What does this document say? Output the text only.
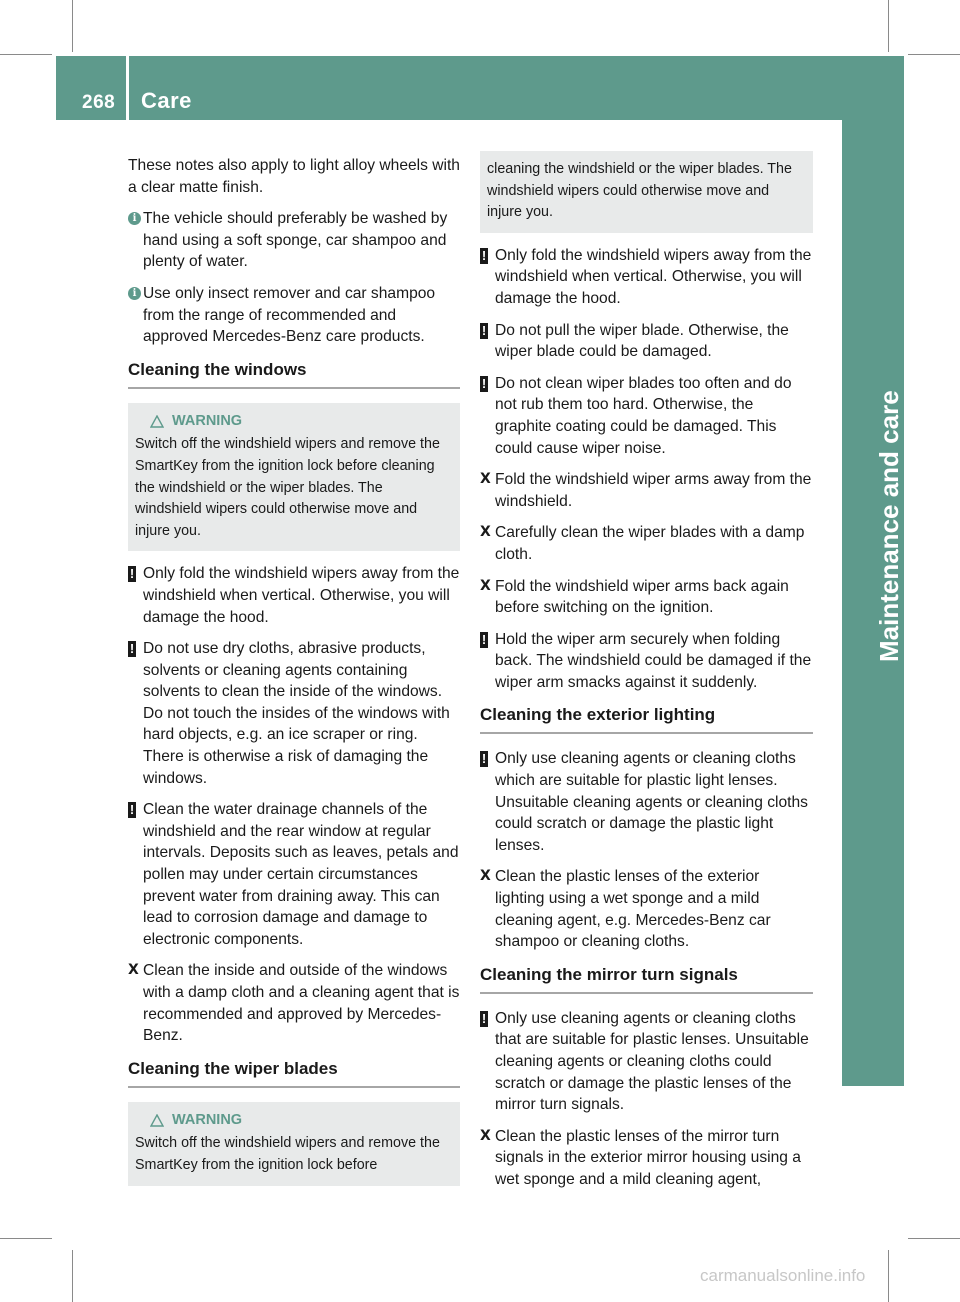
268 Care
Maintenance and care

These notes also apply to light alloy wheels with a clear matte finish.

i The vehicle should preferably be washed by hand using a soft sponge, car shampoo and plenty of water.
i Use only insect remover and car shampoo from the range of recommended and approved Mercedes-Benz care products.
Cleaning the windows
WARNING
Switch off the windshield wipers and remove the SmartKey from the ignition lock before cleaning the windshield or the wiper blades. The windshield wipers could otherwise move and injure you.
! Only fold the windshield wipers away from the windshield when vertical. Otherwise, you will damage the hood.
! Do not use dry cloths, abrasive products, solvents or cleaning agents containing solvents to clean the inside of the windows. Do not touch the insides of the windows with hard objects, e.g. an ice scraper or ring. There is otherwise a risk of damaging the windows.
! Clean the water drainage channels of the windshield and the rear window at regular intervals. Deposits such as leaves, petals and pollen may under certain circumstances prevent water from draining away. This can lead to corrosion damage and damage to electronic components.
X Clean the inside and outside of the windows with a damp cloth and a cleaning agent that is recommended and approved by Mercedes-Benz.
Cleaning the wiper blades
WARNING
Switch off the windshield wipers and remove the SmartKey from the ignition lock before
cleaning the windshield or the wiper blades. The windshield wipers could otherwise move and injure you.
! Only fold the windshield wipers away from the windshield when vertical. Otherwise, you will damage the hood.
! Do not pull the wiper blade. Otherwise, the wiper blade could be damaged.
! Do not clean wiper blades too often and do not rub them too hard. Otherwise, the graphite coating could be damaged. This could cause wiper noise.
X Fold the windshield wiper arms away from the windshield.
X Carefully clean the wiper blades with a damp cloth.
X Fold the windshield wiper arms back again before switching on the ignition.
! Hold the wiper arm securely when folding back. The windshield could be damaged if the wiper arm smacks against it suddenly.
Cleaning the exterior lighting
! Only use cleaning agents or cleaning cloths which are suitable for plastic light lenses. Unsuitable cleaning agents or cleaning cloths could scratch or damage the plastic light lenses.
X Clean the plastic lenses of the exterior lighting using a wet sponge and a mild cleaning agent, e.g. Mercedes-Benz car shampoo or cleaning cloths.
Cleaning the mirror turn signals
! Only use cleaning agents or cleaning cloths that are suitable for plastic lenses. Unsuitable cleaning agents or cleaning cloths could scratch or damage the plastic lenses of the mirror turn signals.
X Clean the plastic lenses of the mirror turn signals in the exterior mirror housing using a wet sponge and a mild cleaning agent,
carmanualsonline.info
